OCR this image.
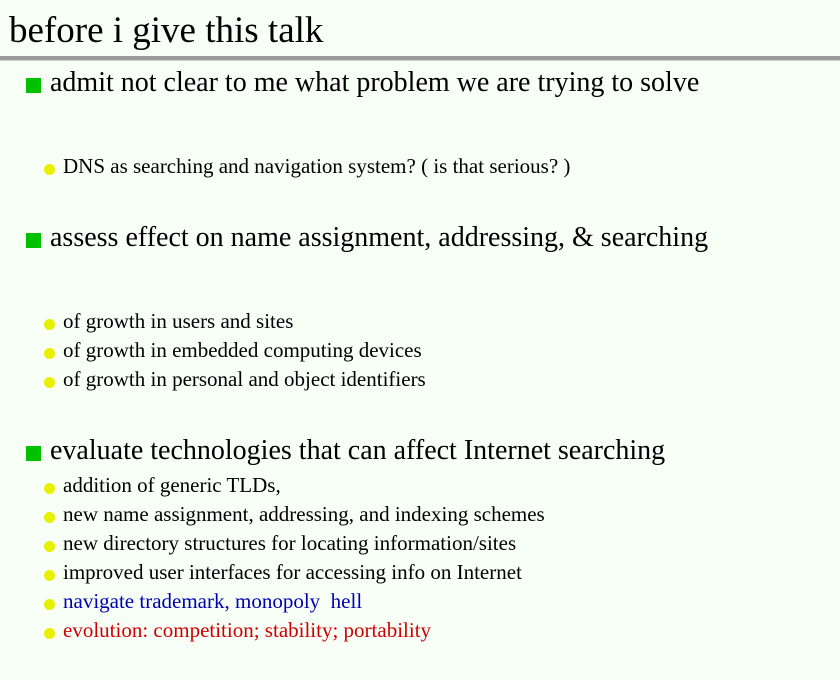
before i give this talk
admit not clear to me what problem we are trying to solve
DNS as searching and navigation system? ( is that serious? )
assess effect on name assignment, addressing, & searching
of growth in users and sites
of growth in embedded computing devices
of growth in personal and object identifiers
evaluate technologies that can affect Internet searching
addition of generic TLDs,
new name assignment, addressing, and indexing schemes
new directory structures for locating information/sites
improved user interfaces for accessing info on Internet
navigate trademark, monopoly  hell
evolution: competition; stability; portability
